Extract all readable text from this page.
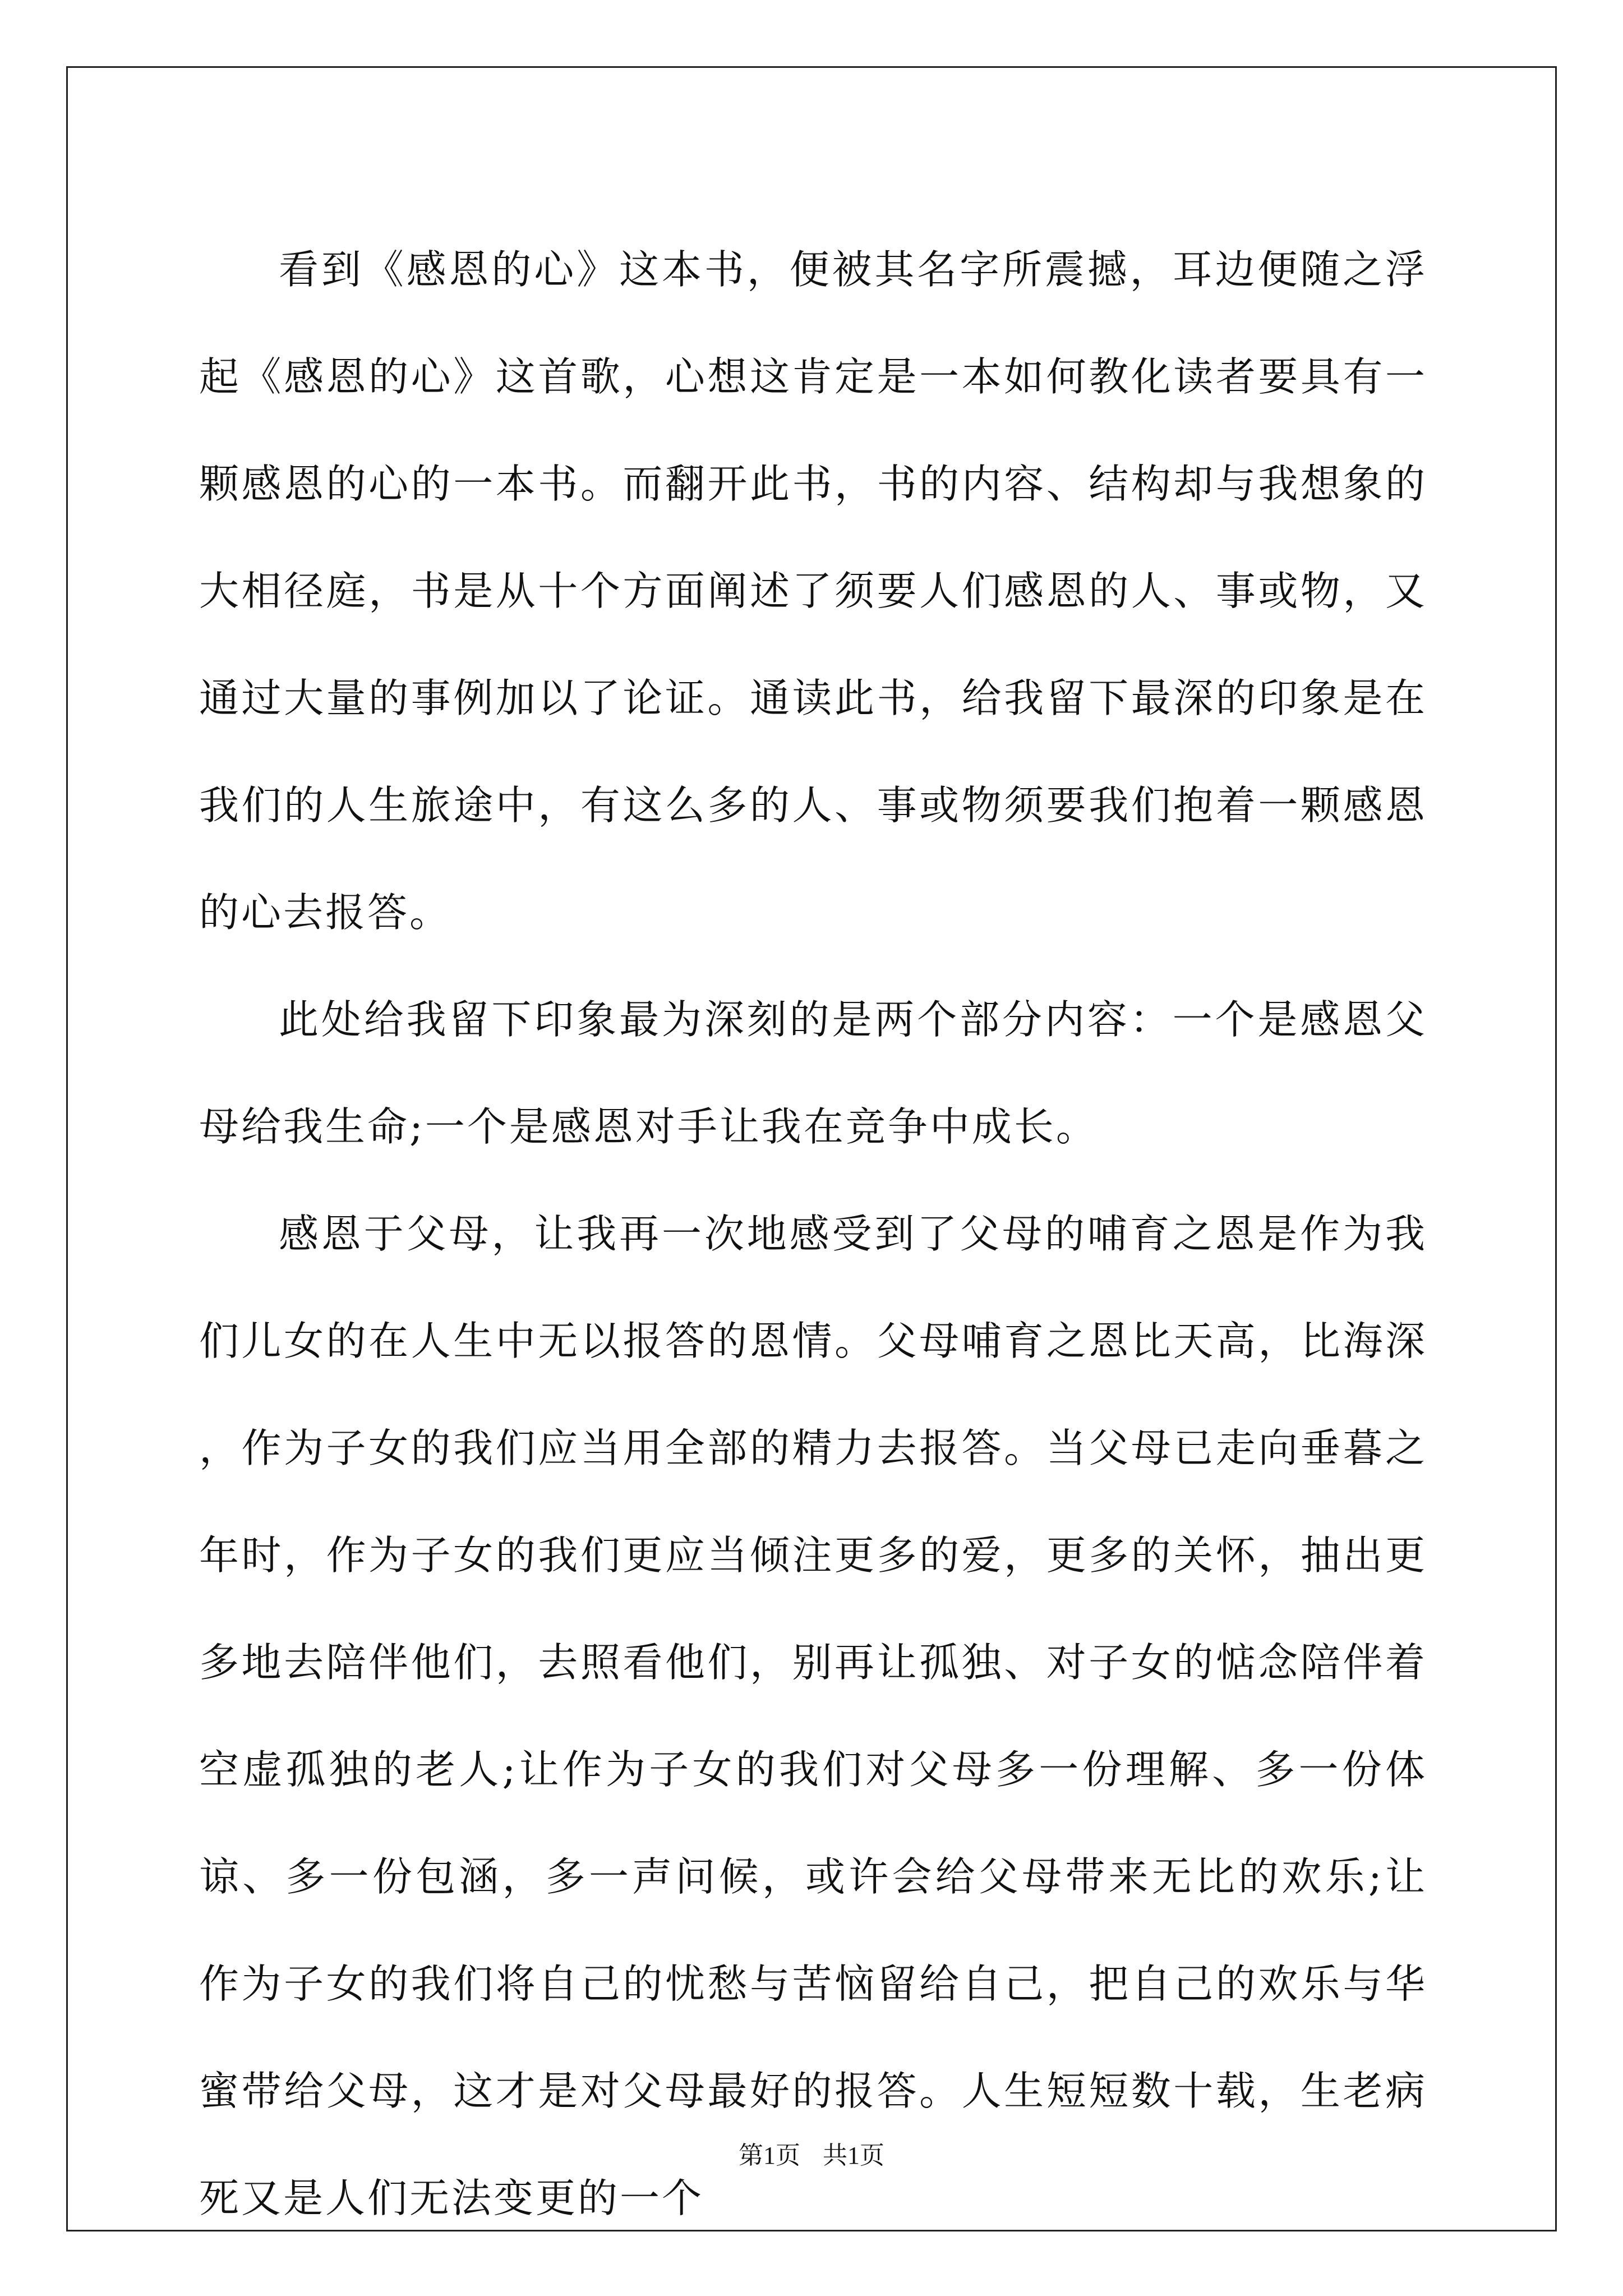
看到《感恩的心》这本书，便被其名字所震撼，耳边便随之浮起《感恩的心》这首歌，心想这肯定是一本如何教化读者要具有一颗感恩的心的一本书。而翻开此书，书的内容、结构却与我想象的大相径庭，书是从十个方面阐述了须要人们感恩的人、事或物，又通过大量的事例加以了论证。通读此书，给我留下最深的印象是在我们的人生旅途中，有这么多的人、事或物须要我们抱着一颗感恩的心去报答。

此处给我留下印象最为深刻的是两个部分内容：一个是感恩父母给我生命;一个是感恩对手让我在竞争中成长。

感恩于父母，让我再一次地感受到了父母的哺育之恩是作为我们儿女的在人生中无以报答的恩情。父母哺育之恩比天高，比海深，作为子女的我们应当用全部的精力去报答。当父母已走向垂暮之年时，作为子女的我们更应当倾注更多的爱，更多的关怀，抽出更多地去陪伴他们，去照看他们，别再让孤独、对子女的惦念陪伴着空虚孤独的老人;让作为子女的我们对父母多一份理解、多一份体谅、多一份包涵，多一声问候，或许会给父母带来无比的欢乐;让作为子女的我们将自己的忧愁与苦恼留给自己，把自己的欢乐与华蜜带给父母，这才是对父母最好的报答。人生短短数十载，生老病死又是人们无法变更的一个

第1页 共1页
